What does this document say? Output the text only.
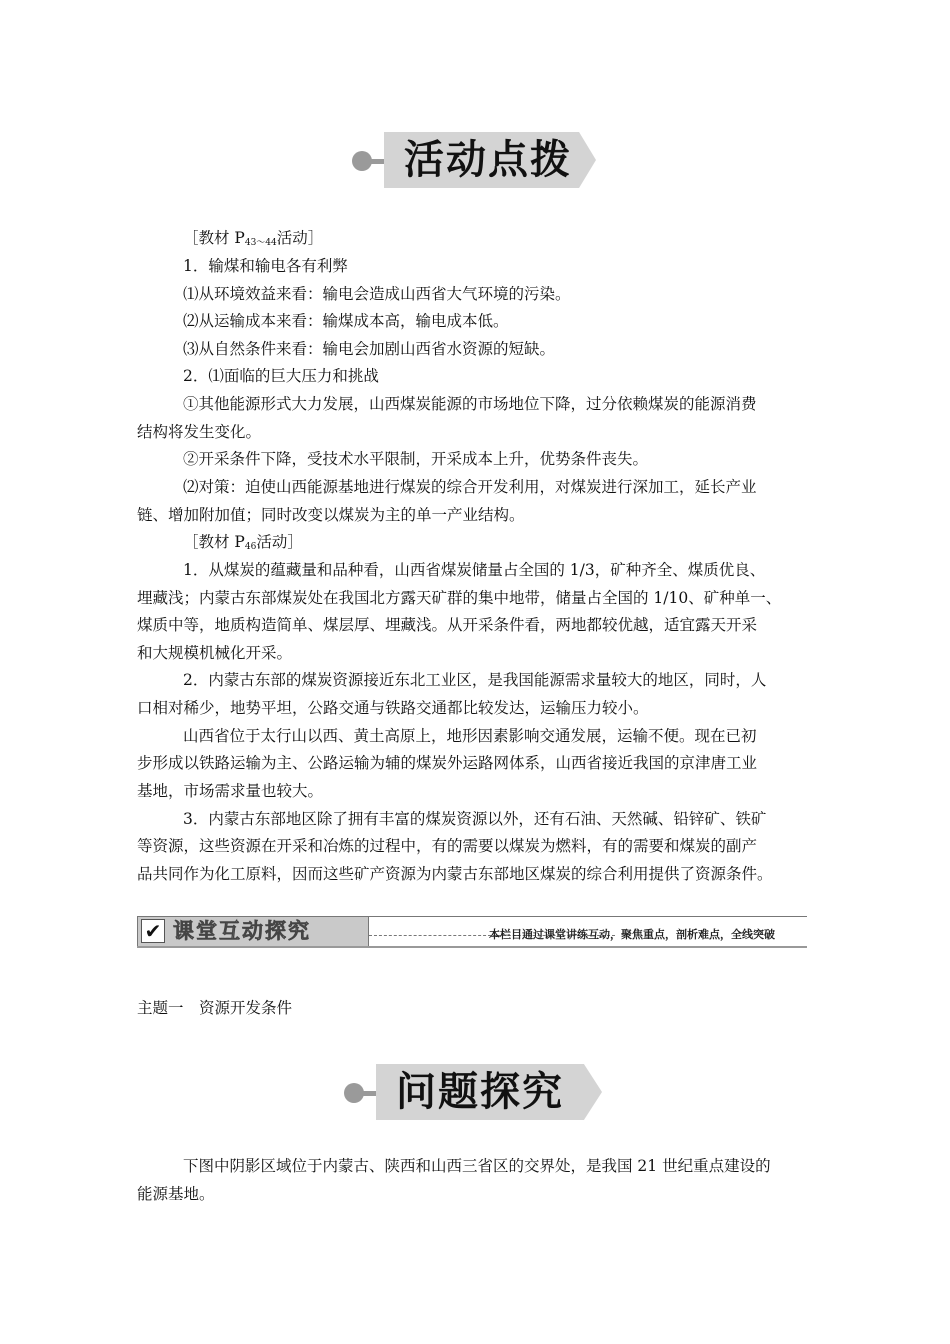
活动点拨
［教材 $P_{43\sim 44}$活动］
1．输煤和输电各有利弊
⑴从环境效益来看：输电会造成山西省大气环境的污染。
⑵从运输成本来看：输煤成本高，输电成本低。
⑶从自然条件来看：输电会加剧山西省水资源的短缺。
2．⑴面临的巨大压力和挑战
①其他能源形式大力发展，山西煤炭能源的市场地位下降，过分依赖煤炭的能源消费
结构将发生变化。
②开采条件下降，受技术水平限制，开采成本上升，优势条件丧失。
⑵对策：迫使山西能源基地进行煤炭的综合开发利用，对煤炭进行深加工，延长产业
链、增加附加值；同时改变以煤炭为主的单一产业结构。
［教材 $P_{46}$活动］
1．从煤炭的蕴藏量和品种看，山西省煤炭储量占全国的 1/3，矿种齐全、煤质优良、
埋藏浅；内蒙古东部煤炭处在我国北方露天矿群的集中地带，储量占全国的 1/10、矿种单一、
煤质中等，地质构造简单、煤层厚、埋藏浅。从开采条件看，两地都较优越，适宜露天开采
和大规模机械化开采。
2．内蒙古东部的煤炭资源接近东北工业区，是我国能源需求量较大的地区，同时，人
口相对稀少，地势平坦，公路交通与铁路交通都比较发达，运输压力较小。
山西省位于太行山以西、黄土高原上，地形因素影响交通发展，运输不便。现在已初
步形成以铁路运输为主、公路运输为辅的煤炭外运路网体系，山西省接近我国的京津唐工业
基地，市场需求量也较大。
3．内蒙古东部地区除了拥有丰富的煤炭资源以外，还有石油、天然碱、铅锌矿、铁矿
等资源，这些资源在开采和冶炼的过程中，有的需要以煤炭为燃料，有的需要和煤炭的副产
品共同作为化工原料，因而这些矿产资源为内蒙古东部地区煤炭的综合利用提供了资源条件。
✔ 课堂互动探究	本栏目通过课堂讲练互动，聚焦重点，剖析难点，全线突破
主题一　资源开发条件
问题探究
下图中阴影区域位于内蒙古、陕西和山西三省区的交界处，是我国 21 世纪重点建设的
能源基地。
